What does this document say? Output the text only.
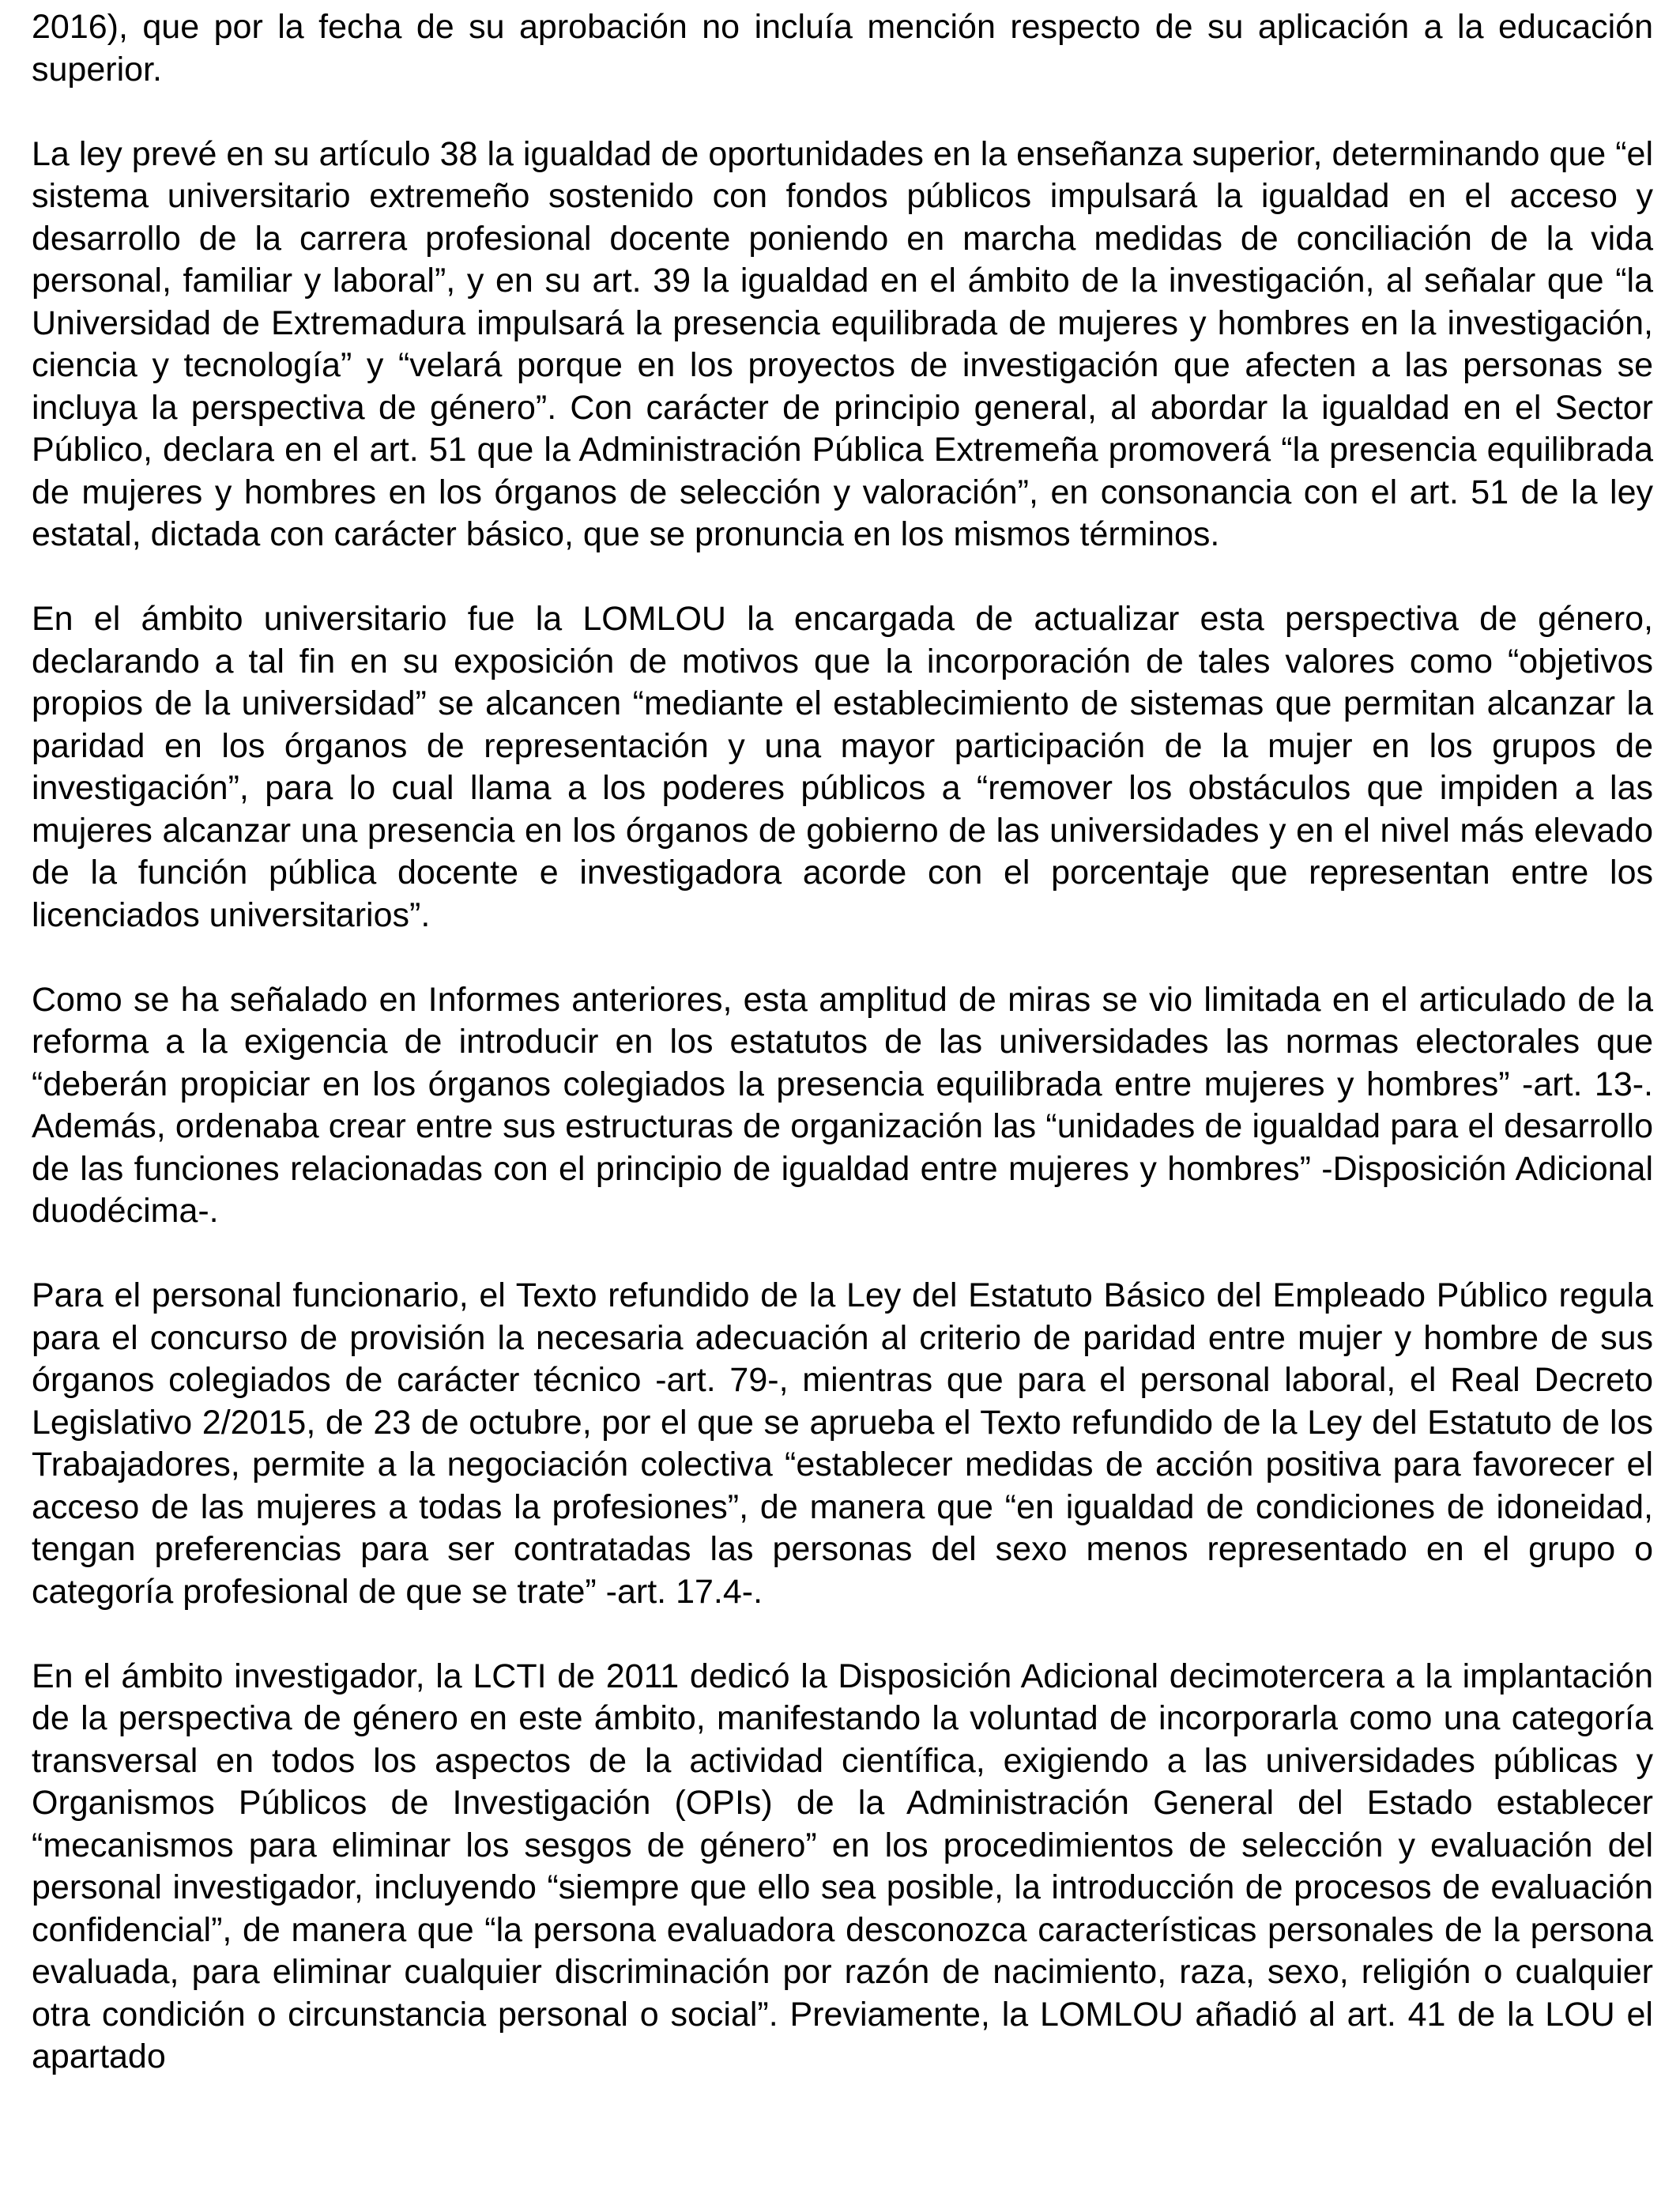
2016), que por la fecha de su aprobación no incluía mención respecto de su aplicación a la educación superior.

La ley prevé en su artículo 38 la igualdad de oportunidades en la enseñanza superior, determinando que “el sistema universitario extremeño sostenido con fondos públicos impulsará la igualdad en el acceso y desarrollo de la carrera profesional docente poniendo en marcha medidas de conciliación de la vida personal, familiar y laboral”, y en su art. 39 la igualdad en el ámbito de la investigación, al señalar que “la Universidad de Extremadura impulsará la presencia equilibrada de mujeres y hombres en la investigación, ciencia y tecnología” y “velará porque en los proyectos de investigación que afecten a las personas se incluya la perspectiva de género”. Con carácter de principio general, al abordar la igualdad en el Sector Público, declara en el art. 51 que la Administración Pública Extremeña promoverá “la presencia equilibrada de mujeres y hombres en los órganos de selección y valoración”, en consonancia con el art. 51 de la ley estatal, dictada con carácter básico, que se pronuncia en los mismos términos.

En el ámbito universitario fue la LOMLOU la encargada de actualizar esta perspectiva de género, declarando a tal fin en su exposición de motivos que la incorporación de tales valores como “objetivos propios de la universidad” se alcancen “mediante el establecimiento de sistemas que permitan alcanzar la paridad en los órganos de representación y una mayor participación de la mujer en los grupos de investigación”, para lo cual llama a los poderes públicos a “remover los obstáculos que impiden a las mujeres alcanzar una presencia en los órganos de gobierno de las universidades y en el nivel más elevado de la función pública docente e investigadora acorde con el porcentaje que representan entre los licenciados universitarios”.

Como se ha señalado en Informes anteriores, esta amplitud de miras se vio limitada en el articulado de la reforma a la exigencia de introducir en los estatutos de las universidades las normas electorales que “deberán propiciar en los órganos colegiados la presencia equilibrada entre mujeres y hombres” -art. 13-. Además, ordenaba crear entre sus estructuras de organización las “unidades de igualdad para el desarrollo de las funciones relacionadas con el principio de igualdad entre mujeres y hombres” -Disposición Adicional duodécima-.

Para el personal funcionario, el Texto refundido de la Ley del Estatuto Básico del Empleado Público regula para el concurso de provisión la necesaria adecuación al criterio de paridad entre mujer y hombre de sus órganos colegiados de carácter técnico -art. 79-, mientras que para el personal laboral, el Real Decreto Legislativo 2/2015, de 23 de octubre, por el que se aprueba el Texto refundido de la Ley del Estatuto de los Trabajadores, permite a la negociación colectiva “establecer medidas de acción positiva para favorecer el acceso de las mujeres a todas la profesiones”, de manera que “en igualdad de condiciones de idoneidad, tengan preferencias para ser contratadas las personas del sexo menos representado en el grupo o categoría profesional de que se trate” -art. 17.4-.

En el ámbito investigador, la LCTI de 2011 dedicó la Disposición Adicional decimotercera a la implantación de la perspectiva de género en este ámbito, manifestando la voluntad de incorporarla como una categoría transversal en todos los aspectos de la actividad científica, exigiendo a las universidades públicas y Organismos Públicos de Investigación (OPIs) de la Administración General del Estado establecer “mecanismos para eliminar los sesgos de género” en los procedimientos de selección y evaluación del personal investigador, incluyendo “siempre que ello sea posible, la introducción de procesos de evaluación confidencial”, de manera que “la persona evaluadora desconozca características personales de la persona evaluada, para eliminar cualquier discriminación por razón de nacimiento, raza, sexo, religión o cualquier otra condición o circunstancia personal o social”. Previamente, la LOMLOU añadió al art. 41 de la LOU el apartado
